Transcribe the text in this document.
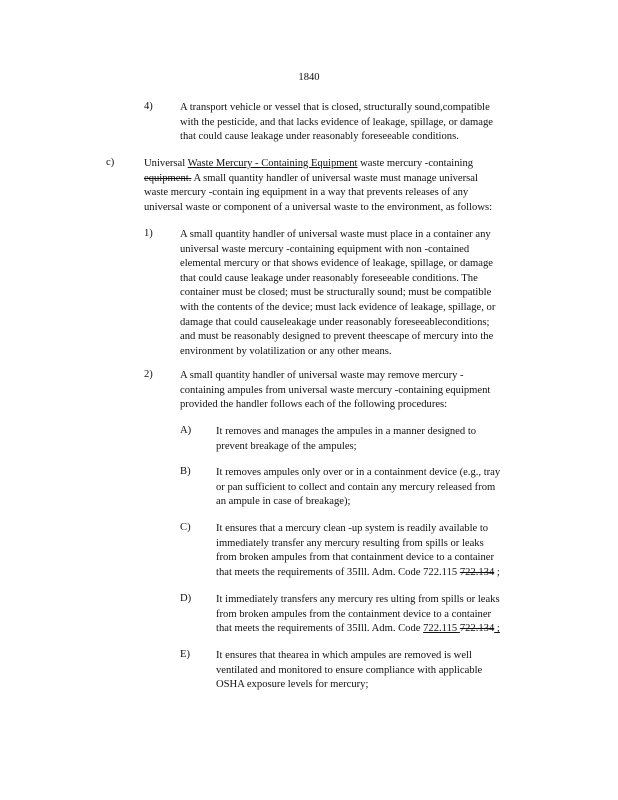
1840
4)	A transport vehicle or vessel that is closed, structurally sound,compatible
with the pesticide, and that lacks evidence of leakage, spillage, or damage
that could cause leakage under reasonably foreseeable conditions.
c)	Universal Waste Mercury - Containing Equipment waste mercury -containing
equipment. A small quantity handler of universal waste must manage universal
waste mercury -contain ing equipment in a way that prevents releases of any
universal waste or component of a universal waste to the environment, as follows:
1)	A small quantity handler of universal waste must place in a container any
universal waste mercury -containing equipment with non -contained
elemental mercury or that shows evidence of leakage, spillage, or damage
that could cause leakage under reasonably foreseeable conditions. The
container must be closed; must be structurally sound; must be compatible
with the contents of the device; must lack evidence of leakage, spillage, or
damage that could causeleakage under reasonably foreseeableconditions;
and must be reasonably designed to prevent theescape of mercury into the
environment by volatilization or any other means.
2)	A small quantity handler of universal waste may remove mercury -
containing ampules from universal waste mercury -containing equipment
provided the handler follows each of the following procedures:
A) It removes and manages the ampules in a manner designed to
prevent breakage of the ampules;
B) It removes ampules only over or in a containment device (e.g., tray
or pan sufficient to collect and contain any mercury released from
an ampule in case of breakage);
C) It ensures that a mercury clean -up system is readily available to
immediately transfer any mercury resulting from spills or leaks
from broken ampules from that containment device to a container
that meets the requirements of 35Ill. Adm. Code 722.115 722.134 ;
D) It immediately transfers any mercury res ulting from spills or leaks
from broken ampules from the containment device to a container
that meets the requirements of 35Ill. Adm. Code 722.115 722.134 ;
E) It ensures that thearea in which ampules are removed is well
ventilated and monitored to ensure compliance with applicable
OSHA exposure levels for mercury;
